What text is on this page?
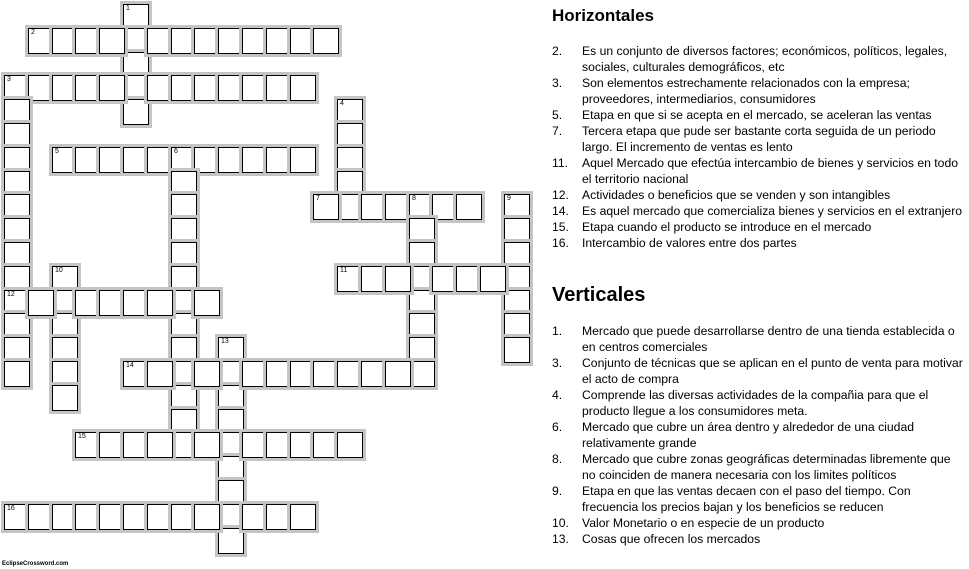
1
2
3
12
4
5	6
7	8	9
10	11
13
14
15
16
Horizontales
2.	Es un conjunto de diversos factores; económicos, políticos, legales, sociales, culturales demográficos, etc
3.	Son elementos estrechamente relacionados con la empresa; proveedores, intermediarios, consumidores
5.	Etapa en que si se acepta en el mercado, se aceleran las ventas
7.	Tercera etapa que pude ser bastante corta seguida de un periodo largo. El incremento de ventas es lento
11.	Aquel Mercado que efectúa intercambio de bienes y servicios en todo el territorio nacional
12.	Actividades o beneficios que se venden y son intangibles
14.	Es aquel mercado que comercializa bienes y servicios en el extranjero
15.	Etapa cuando el producto se introduce en el mercado
16.	Intercambio de valores entre dos partes
Verticales
1.	Mercado que puede desarrollarse dentro de una tienda establecida o en centros comerciales
3.	Conjunto de técnicas que se aplican en el punto de venta para motivar el acto de compra
4.	Comprende las diversas actividades de la compañia para que el producto llegue a los consumidores meta.
6.	Mercado que cubre un área dentro y alrededor de una ciudad relativamente grande
8.	Mercado que cubre zonas geográficas determinadas libremente que no coinciden de manera necesaria con los limites políticos
9.	Etapa en que las ventas decaen con el paso del tiempo. Con frecuencia los precios bajan y los beneficios se reducen
10.	Valor Monetario o en especie de un producto
13.	Cosas que ofrecen los mercados
EclipseCrossword.com
